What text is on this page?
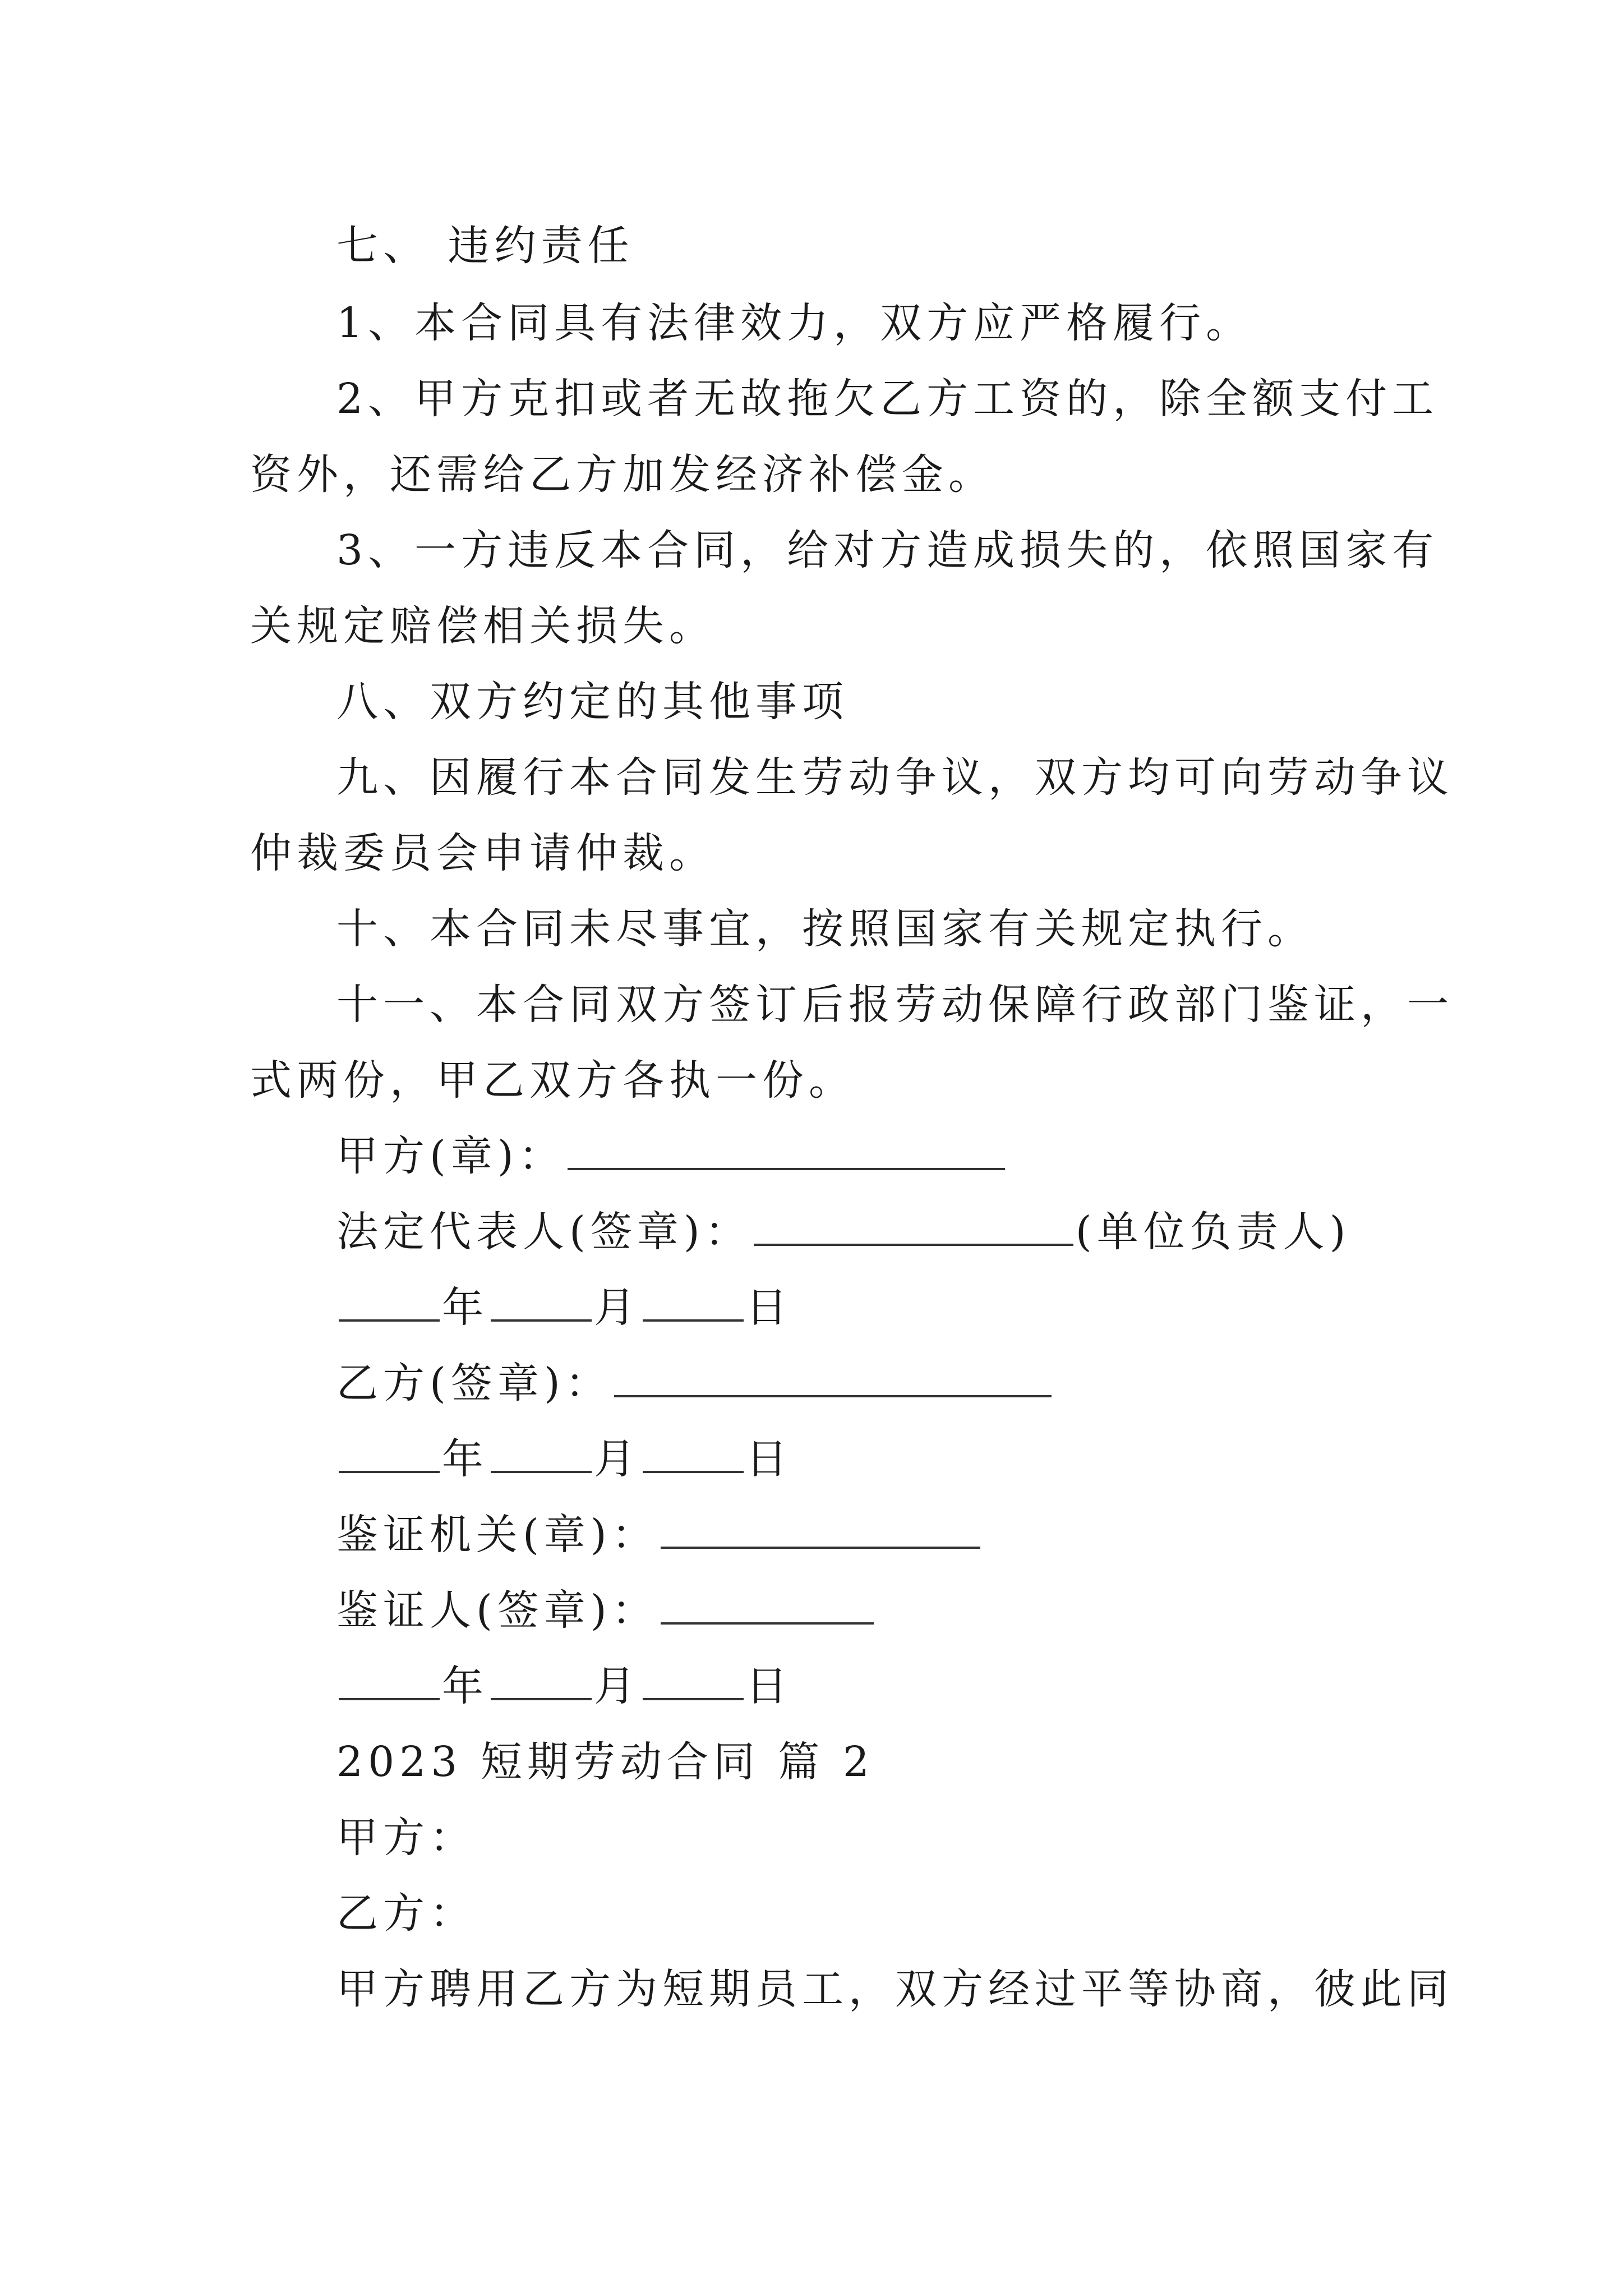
七、 违约责任
1、本合同具有法律效力，双方应严格履行。
2、甲方克扣或者无故拖欠乙方工资的，除全额支付工
资外，还需给乙方加发经济补偿金。
3、一方违反本合同，给对方造成损失的，依照国家有
关规定赔偿相关损失。
八、双方约定的其他事项
九、因履行本合同发生劳动争议，双方均可向劳动争议
仲裁委员会申请仲裁。
十、本合同未尽事宜，按照国家有关规定执行。
十一、本合同双方签订后报劳动保障行政部门鉴证，一
式两份，甲乙双方各执一份。
甲方(章)：
法定代表人(签章)：	(单位负责人)
年	月	日
乙方(签章)：
年	月	日
鉴证机关(章)：
鉴证人(签章)：
年	月	日
2023 短期劳动合同 篇 2
甲方：
乙方：
甲方聘用乙方为短期员工，双方经过平等协商，彼此同
